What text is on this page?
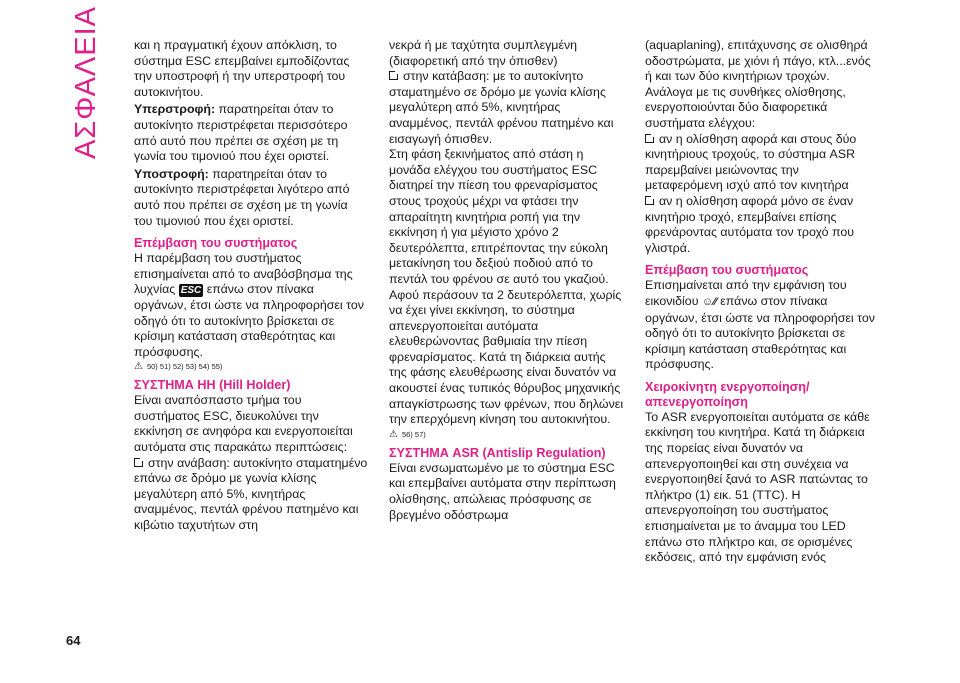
ΑΣΦΑΛΕΙΑ
64

και η πραγματική έχουν απόκλιση, το σύστημα ESC επεμβαίνει εμποδίζοντας την υποστροφή ή την υπερστροφή του αυτοκινήτου.

Υπερστροφή: παρατηρείται όταν το αυτοκίνητο περιστρέφεται περισσότερο από αυτό που πρέπει σε σχέση με τη γωνία του τιμονιού που έχει οριστεί.

Υποστροφή: παρατηρείται όταν το αυτοκίνητο περιστρέφεται λιγότερο από αυτό που πρέπει σε σχέση με τη γωνία του τιμονιού που έχει οριστεί.

Επέμβαση του συστήματος

Η παρέμβαση του συστήματος επισημαίνεται από το αναβόσβησμα της λυχνίας ESC επάνω στον πίνακα οργάνων, έτσι ώστε να πληροφορήσει τον οδηγό ότι το αυτοκίνητο βρίσκεται σε κρίσιμη κατάσταση σταθερότητας και πρόσφυσης.

⚠ 50) 51) 52) 53) 54) 55)

ΣΥΣΤΗΜΑ HH (Hill Holder)

Είναι αναπόσπαστο τμήμα του συστήματος ESC, διευκολύνει την εκκίνηση σε ανηφόρα και ενεργοποιείται αυτόματα στις παρακάτω περιπτώσεις:

στην ανάβαση: αυτοκίνητο σταματημένο επάνω σε δρόμο με γωνία κλίσης μεγαλύτερη από 5%, κινητήρας αναμμένος, πεντάλ φρένου πατημένο και κιβώτιο ταχυτήτων στη

νεκρά ή με ταχύτητα συμπλεγμένη (διαφορετική από την όπισθεν)

στην κατάβαση: με το αυτοκίνητο σταματημένο σε δρόμο με γωνία κλίσης μεγαλύτερη από 5%, κινητήρας αναμμένος, πεντάλ φρένου πατημένο και εισαγωγή όπισθεν.

Στη φάση ξεκινήματος από στάση η μονάδα ελέγχου του συστήματος ESC διατηρεί την πίεση του φρεναρίσματος στους τροχούς μέχρι να φτάσει την απαραίτητη κινητήρια ροπή για την εκκίνηση ή για μέγιστο χρόνο 2 δευτερόλεπτα, επιτρέποντας την εύκολη μετακίνηση του δεξιού ποδιού από το πεντάλ του φρένου σε αυτό του γκαζιού.

Αφού περάσουν τα 2 δευτερόλεπτα, χωρίς να έχει γίνει εκκίνηση, το σύστημα απενεργοποιείται αυτόματα ελευθερώνοντας βαθμιαία την πίεση φρεναρίσματος. Κατά τη διάρκεια αυτής της φάσης ελευθέρωσης είναι δυνατόν να ακουστεί ένας τυπικός θόρυβος μηχανικής απαγκίστρωσης των φρένων, που δηλώνει την επερχόμενη κίνηση του αυτοκινήτου.

⚠ 56) 57)

ΣΥΣΤΗΜΑ ASR (Antislip Regulation)

Είναι ενσωματωμένο με το σύστημα ESC και επεμβαίνει αυτόματα στην περίπτωση ολίσθησης, απώλειας πρόσφυσης σε βρεγμένο οδόστρωμα

(aquaplaning), επιτάχυνσης σε ολισθηρά οδοστρώματα, με χιόνι ή πάγο, κτλ...ενός ή και των δύο κινητήριων τροχών. Ανάλογα με τις συνθήκες ολίσθησης, ενεργοποιούνται δύο διαφορετικά συστήματα ελέγχου:

αν η ολίσθηση αφορά και στους δύο κινητήριους τροχούς, το σύστημα ASR παρεμβαίνει μειώνοντας την μεταφερόμενη ισχύ από τον κινητήρα

αν η ολίσθηση αφορά μόνο σε έναν κινητήριο τροχό, επεμβαίνει επίσης φρενάροντας αυτόματα τον τροχό που γλιστρά.

Επέμβαση του συστήματος

Επισημαίνεται από την εμφάνιση του εικονιδίου ☺⁄⁄ επάνω στον πίνακα οργάνων, έτσι ώστε να πληροφορήσει τον οδηγό ότι το αυτοκίνητο βρίσκεται σε κρίσιμη κατάσταση σταθερότητας και πρόσφυσης.

Χειροκίνητη ενεργοποίηση/απενεργοποίηση

Το ASR ενεργοποιείται αυτόματα σε κάθε εκκίνηση του κινητήρα. Κατά τη διάρκεια της πορείας είναι δυνατόν να απενεργοποιηθεί και στη συνέχεια να ενεργοποιηθεί ξανά το ASR πατώντας το πλήκτρο (1) εικ. 51 (TTC). Η απενεργοποίηση του συστήματος επισημαίνεται με το άναμμα του LED επάνω στο πλήκτρο και, σε ορισμένες εκδόσεις, από την εμφάνιση ενός
